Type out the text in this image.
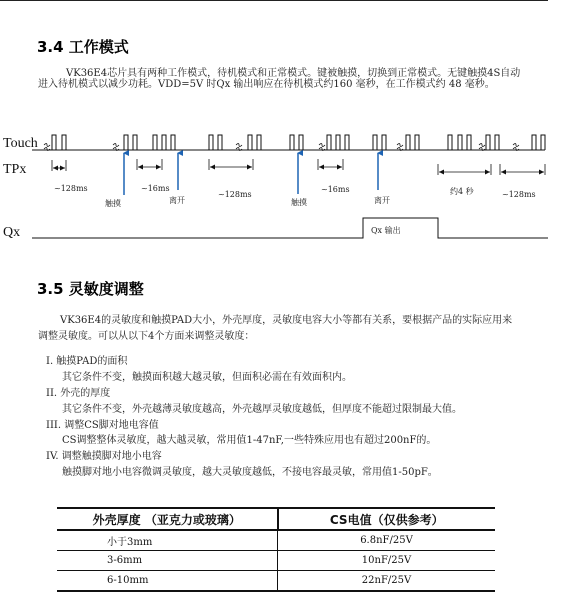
3.4 工作模式
VK36E4芯片具有两种工作模式，待机模式和正常模式。键被触摸，切换到正常模式。无键触摸4S自动进入待机模式以减少功耗。VDD=5V 时Qx 输出响应在待机模式约160 毫秒，在工作模式约 48 毫秒。
Touch
TPx
Qx
~128ms	~16ms
~128ms
~16ms	约4 秒	~128ms
触摸	离开	触摸	离开
Qx 输出
3.5 灵敏度调整
VK36E4的灵敏度和触摸PAD大小，外壳厚度，灵敏度电容大小等都有关系，要根据产品的实际应用来调整灵敏度。可以从以下4个方面来调整灵敏度：
I. 触摸PAD的面积
其它条件不变，触摸面积越大越灵敏，但面积必需在有效面积内。
II. 外壳的厚度
其它条件不变，外壳越薄灵敏度越高，外壳越厚灵敏度越低，但厚度不能超过限制最大值。
III. 调整CS脚对地电容值
CS调整整体灵敏度，越大越灵敏，常用值1-47nF,一些特殊应用也有超过200nF的。
IV. 调整触摸脚对地小电容
触摸脚对地小电容微调灵敏度，越大灵敏度越低，不接电容最灵敏，常用值1-50pF。
外壳厚度 （亚克力或玻璃）	CS电值（仅供参考）
小于3mm	6.8nF/25V
3-6mm	10nF/25V
6-10mm	22nF/25V
